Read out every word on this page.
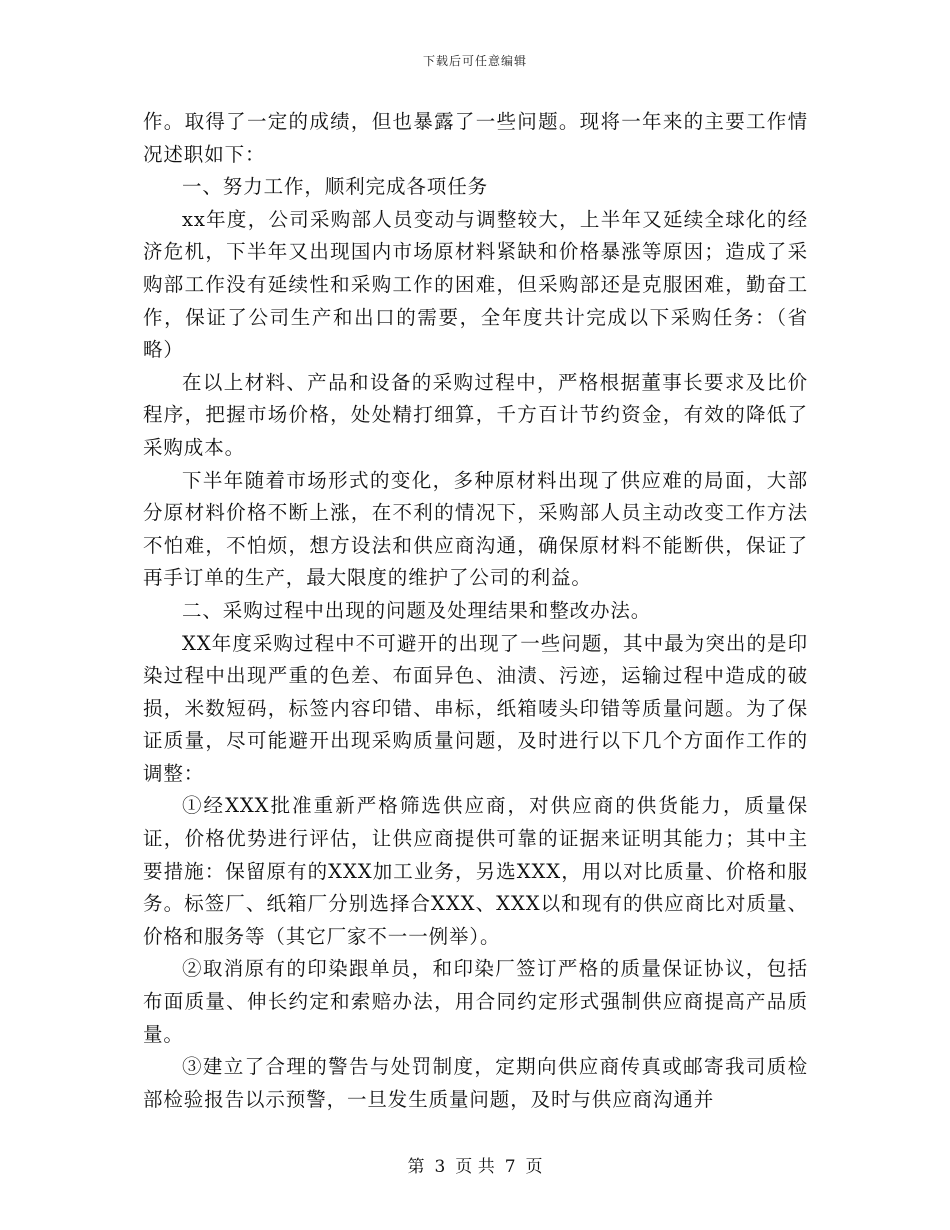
下载后可任意编辑

作。取得了一定的成绩，但也暴露了一些问题。现将一年来的主要工作情况述职如下：

一、努力工作，顺利完成各项任务

xx年度，公司采购部人员变动与调整较大，上半年又延续全球化的经济危机，下半年又出现国内市场原材料紧缺和价格暴涨等原因；造成了采购部工作没有延续性和采购工作的困难，但采购部还是克服困难，勤奋工作，保证了公司生产和出口的需要，全年度共计完成以下采购任务：（省略）

在以上材料、产品和设备的采购过程中，严格根据董事长要求及比价程序，把握市场价格，处处精打细算，千方百计节约资金，有效的降低了采购成本。

下半年随着市场形式的变化，多种原材料出现了供应难的局面，大部分原材料价格不断上涨，在不利的情况下，采购部人员主动改变工作方法不怕难，不怕烦，想方设法和供应商沟通，确保原材料不能断供，保证了再手订单的生产，最大限度的维护了公司的利益。

二、采购过程中出现的问题及处理结果和整改办法。

XX年度采购过程中不可避开的出现了一些问题，其中最为突出的是印染过程中出现严重的色差、布面异色、油渍、污迹，运输过程中造成的破损，米数短码，标签内容印错、串标，纸箱唛头印错等质量问题。为了保证质量，尽可能避开出现采购质量问题，及时进行以下几个方面作工作的调整：

①经XXX批准重新严格筛选供应商，对供应商的供货能力，质量保证，价格优势进行评估，让供应商提供可靠的证据来证明其能力；其中主要措施：保留原有的XXX加工业务，另选XXX，用以对比质量、价格和服务。标签厂、纸箱厂分别选择合XXX、XXX以和现有的供应商比对质量、价格和服务等（其它厂家不一一例举）。

②取消原有的印染跟单员，和印染厂签订严格的质量保证协议，包括布面质量、伸长约定和索赔办法，用合同约定形式强制供应商提高产品质量。

③建立了合理的警告与处罚制度，定期向供应商传真或邮寄我司质检部检验报告以示预警，一旦发生质量问题，及时与供应商沟通并

第 3 页 共 7 页
